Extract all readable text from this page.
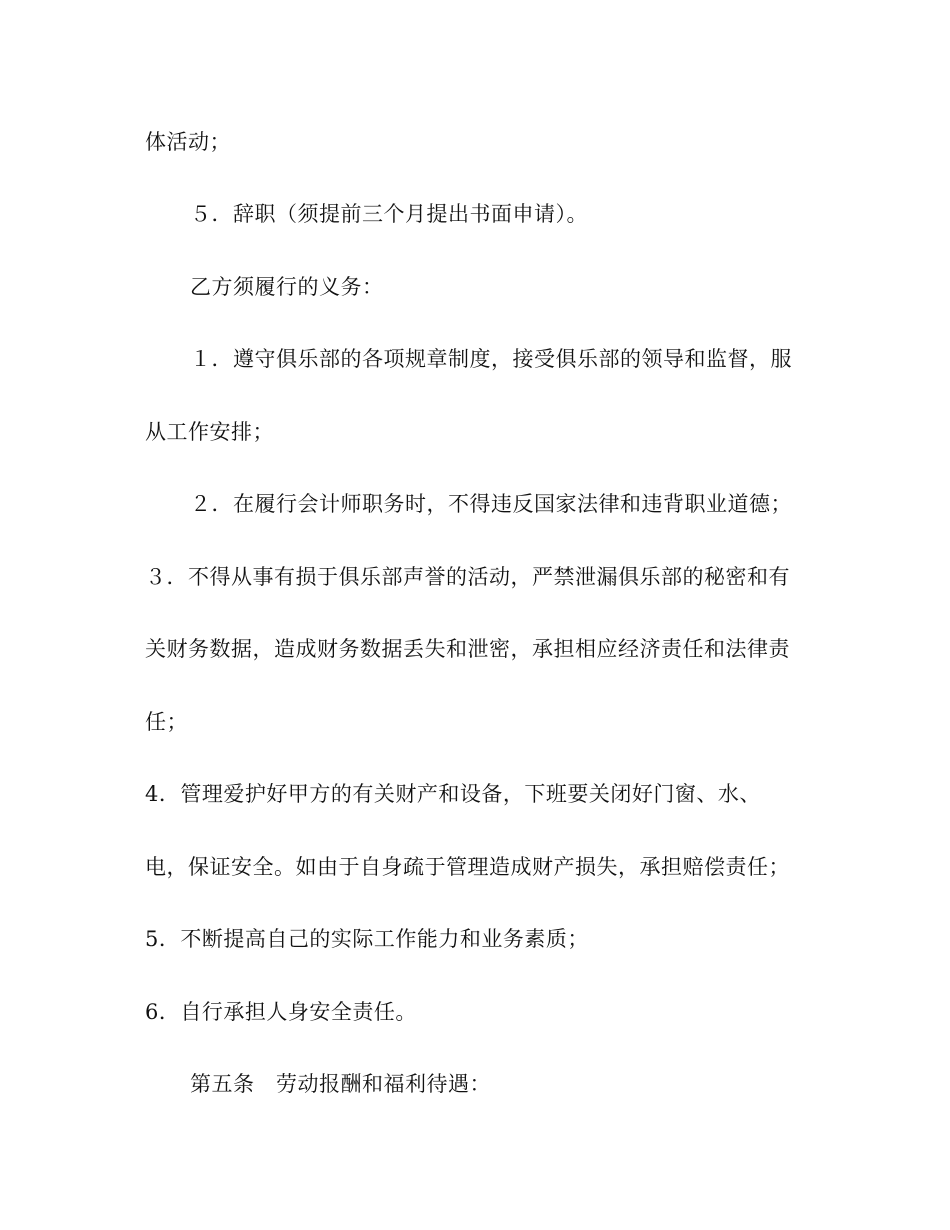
体活动；
５．辞职（须提前三个月提出书面申请）。
乙方须履行的义务：
１．遵守俱乐部的各项规章制度，接受俱乐部的领导和监督，服
从工作安排；
２．在履行会计师职务时，不得违反国家法律和违背职业道德；
３．不得从事有损于俱乐部声誉的活动，严禁泄漏俱乐部的秘密和有
关财务数据，造成财务数据丢失和泄密，承担相应经济责任和法律责
任；
4．管理爱护好甲方的有关财产和设备，下班要关闭好门窗、水、
电，保证安全。如由于自身疏于管理造成财产损失，承担赔偿责任；
5．不断提高自己的实际工作能力和业务素质；
6．自行承担人身安全责任。
第五条　劳动报酬和福利待遇：
